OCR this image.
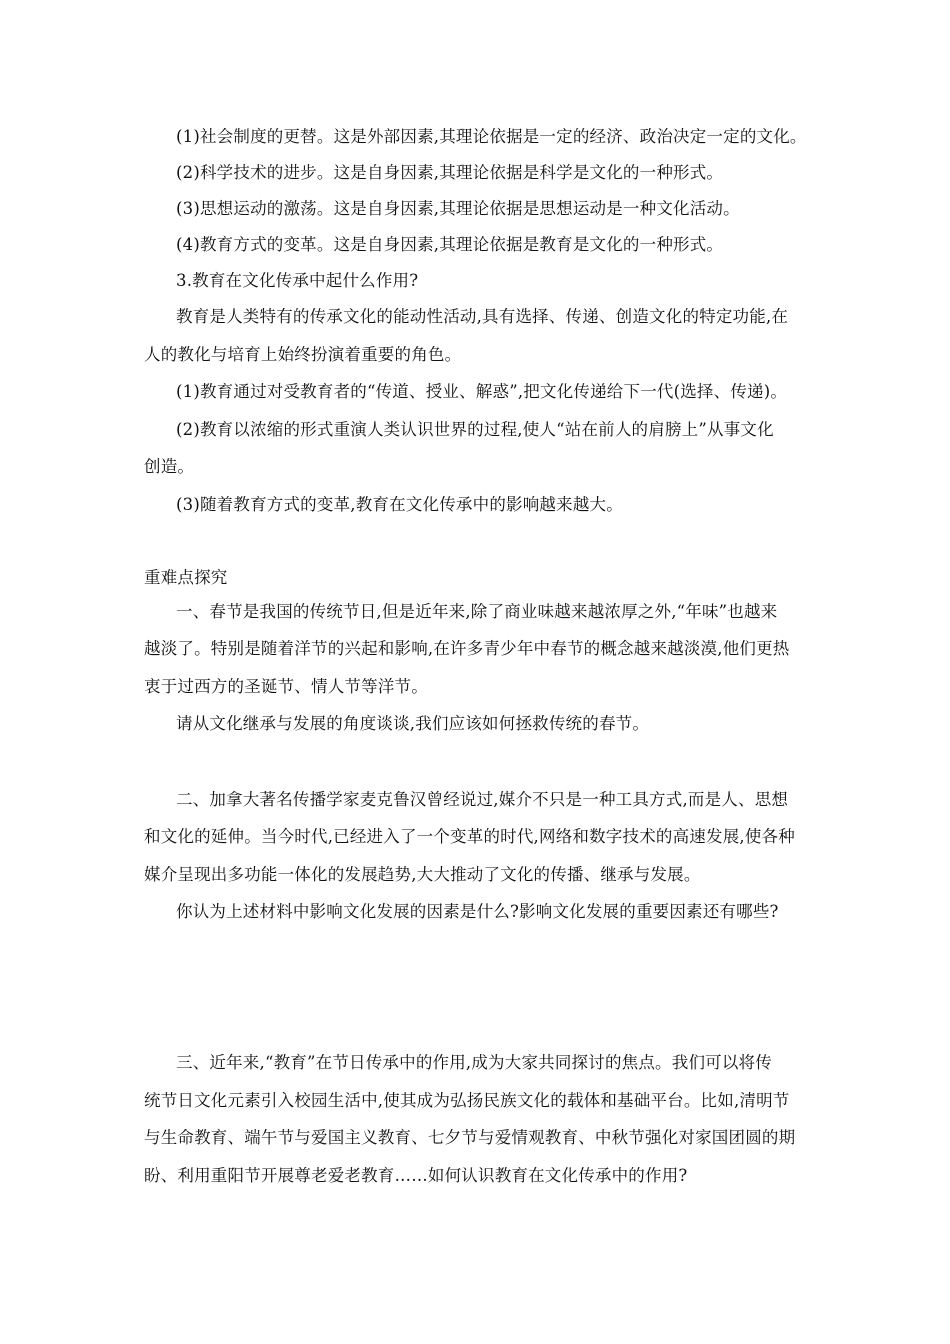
(1)社会制度的更替。这是外部因素,其理论依据是一定的经济、政治决定一定的文化。
(2)科学技术的进步。这是自身因素,其理论依据是科学是文化的一种形式。
(3)思想运动的激荡。这是自身因素,其理论依据是思想运动是一种文化活动。
(4)教育方式的变革。这是自身因素,其理论依据是教育是文化的一种形式。
3.教育在文化传承中起什么作用?
教育是人类特有的传承文化的能动性活动,具有选择、传递、创造文化的特定功能,在
人的教化与培育上始终扮演着重要的角色。
(1)教育通过对受教育者的“传道、授业、解惑”,把文化传递给下一代(选择、传递)。
(2)教育以浓缩的形式重演人类认识世界的过程,使人“站在前人的肩膀上”从事文化
创造。
(3)随着教育方式的变革,教育在文化传承中的影响越来越大。
重难点探究
一、春节是我国的传统节日,但是近年来,除了商业味越来越浓厚之外,“年味”也越来
越淡了。特别是随着洋节的兴起和影响,在许多青少年中春节的概念越来越淡漠,他们更热
衷于过西方的圣诞节、情人节等洋节。
请从文化继承与发展的角度谈谈,我们应该如何拯救传统的春节。
二、加拿大著名传播学家麦克鲁汉曾经说过,媒介不只是一种工具方式,而是人、思想
和文化的延伸。当今时代,已经进入了一个变革的时代,网络和数字技术的高速发展,使各种
媒介呈现出多功能一体化的发展趋势,大大推动了文化的传播、继承与发展。
你认为上述材料中影响文化发展的因素是什么?影响文化发展的重要因素还有哪些?
三、近年来,“教育”在节日传承中的作用,成为大家共同探讨的焦点。我们可以将传
统节日文化元素引入校园生活中,使其成为弘扬民族文化的载体和基础平台。比如,清明节
与生命教育、端午节与爱国主义教育、七夕节与爱情观教育、中秋节强化对家国团圆的期
盼、利用重阳节开展尊老爱老教育……如何认识教育在文化传承中的作用?
